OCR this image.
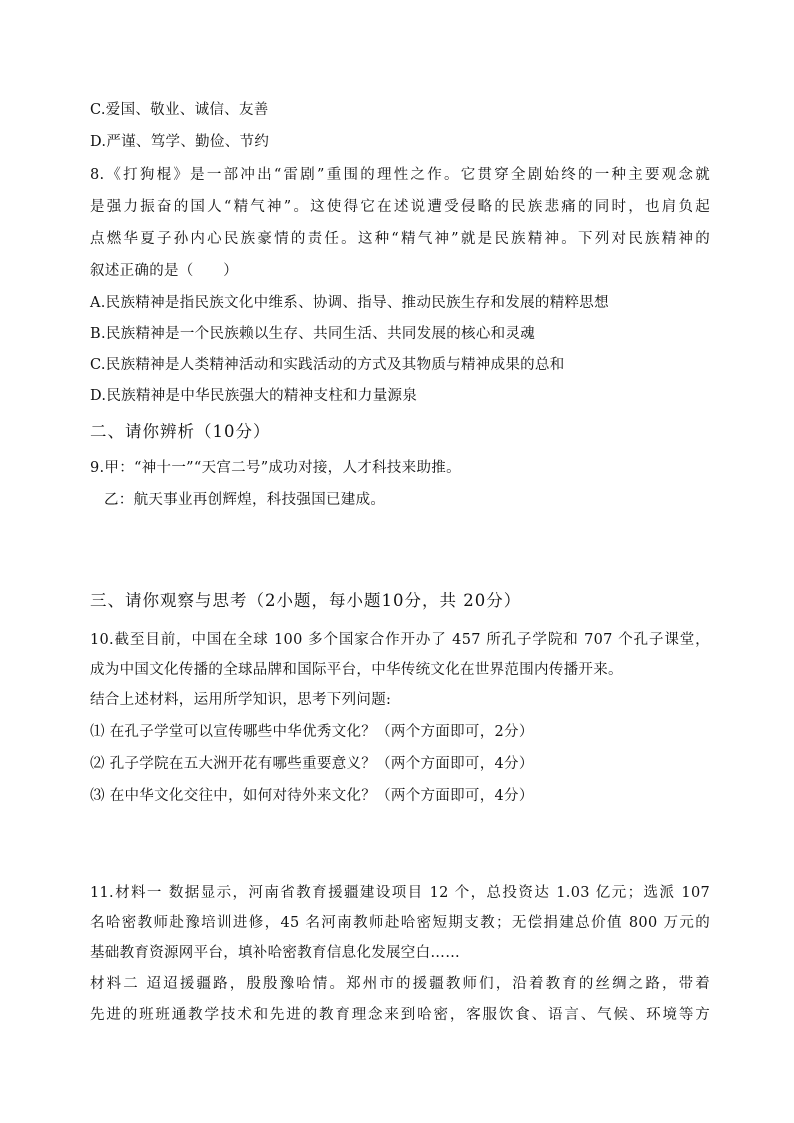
C.爱国、敬业、诚信、友善
D.严谨、笃学、勤俭、节约
8.《打狗棍》是一部冲出“雷剧”重围的理性之作。它贯穿全剧始终的一种主要观念就
是强力振奋的国人“精气神”。这使得它在述说遭受侵略的民族悲痛的同时，也肩负起
点燃华夏子孙内心民族豪情的责任。这种“精气神”就是民族精神。下列对民族精神的
叙述正确的是（　　）
A.民族精神是指民族文化中维系、协调、指导、推动民族生存和发展的精粹思想
B.民族精神是一个民族赖以生存、共同生活、共同发展的核心和灵魂
C.民族精神是人类精神活动和实践活动的方式及其物质与精神成果的总和
D.民族精神是中华民族强大的精神支柱和力量源泉
二、请你辨析（10分）
9.甲：“神十一”“天宫二号”成功对接，人才科技来助推。
乙：航天事业再创辉煌，科技强国已建成。
三、请你观察与思考（2小题，每小题10分，共 20分）
10.截至目前，中国在全球 100 多个国家合作开办了 457 所孔子学院和 707 个孔子课堂，
成为中国文化传播的全球品牌和国际平台，中华传统文化在世界范围内传播开来。
结合上述材料，运用所学知识，思考下列问题:
⑴ 在孔子学堂可以宣传哪些中华优秀文化？（两个方面即可，2分）
⑵ 孔子学院在五大洲开花有哪些重要意义？（两个方面即可，4分）
⑶ 在中华文化交往中，如何对待外来文化？（两个方面即可，4分）
11.材料一 数据显示，河南省教育援疆建设项目 12 个，总投资达 1.03 亿元；选派 107
名哈密教师赴豫培训进修，45 名河南教师赴哈密短期支教；无偿捐建总价值 800 万元的
基础教育资源网平台，填补哈密教育信息化发展空白……
材料二 迢迢援疆路，殷殷豫哈情。郑州市的援疆教师们，沿着教育的丝绸之路，带着
先进的班班通教学技术和先进的教育理念来到哈密，客服饮食、语言、气候、环境等方
